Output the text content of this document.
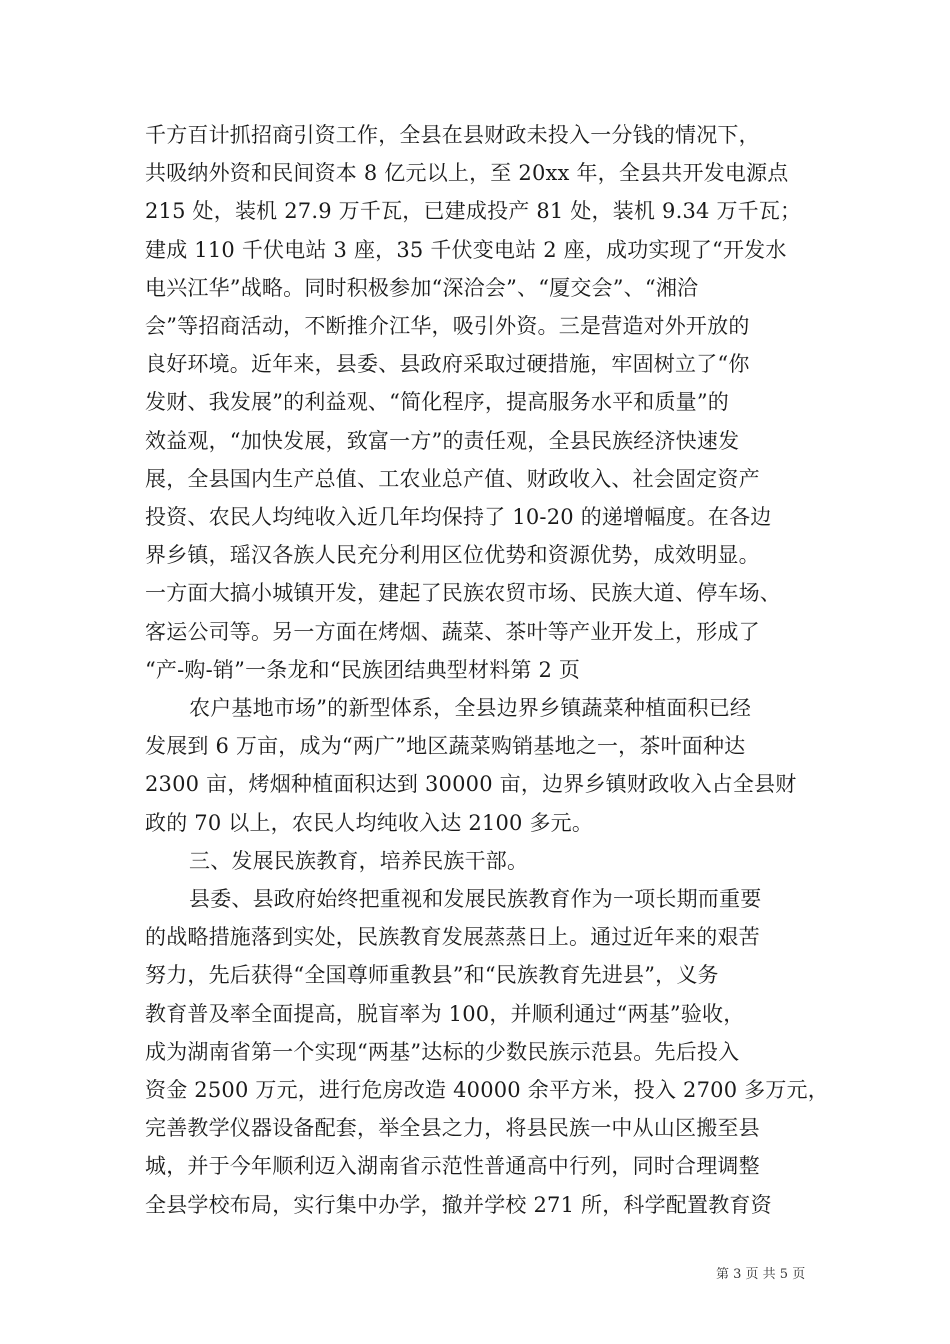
千方百计抓招商引资工作，全县在县财政未投入一分钱的情况下，
共吸纳外资和民间资本 8 亿元以上，至 20xx 年，全县共开发电源点
215 处，装机 27.9 万千瓦，已建成投产 81 处，装机 9.34 万千瓦；
建成 110 千伏电站 3 座，35 千伏变电站 2 座，成功实现了“开发水
电兴江华”战略。同时积极参加“深洽会”、“厦交会”、“湘洽
会”等招商活动，不断推介江华，吸引外资。三是营造对外开放的
良好环境。近年来，县委、县政府采取过硬措施，牢固树立了“你
发财、我发展”的利益观、“简化程序，提高服务水平和质量”的
效益观，“加快发展，致富一方”的责任观，全县民族经济快速发
展，全县国内生产总值、工农业总产值、财政收入、社会固定资产
投资、农民人均纯收入近几年均保持了 10-20 的递增幅度。在各边
界乡镇，瑶汉各族人民充分利用区位优势和资源优势，成效明显。
一方面大搞小城镇开发，建起了民族农贸市场、民族大道、停车场、
客运公司等。另一方面在烤烟、蔬菜、茶叶等产业开发上，形成了
“产-购-销”一条龙和“民族团结典型材料第 2 页
农户基地市场”的新型体系，全县边界乡镇蔬菜种植面积已经
发展到 6 万亩，成为“两广”地区蔬菜购销基地之一，茶叶面种达
2300 亩，烤烟种植面积达到 30000 亩，边界乡镇财政收入占全县财
政的 70 以上，农民人均纯收入达 2100 多元。
三、发展民族教育，培养民族干部。
县委、县政府始终把重视和发展民族教育作为一项长期而重要
的战略措施落到实处，民族教育发展蒸蒸日上。通过近年来的艰苦
努力，先后获得“全国尊师重教县”和“民族教育先进县”，义务
教育普及率全面提高，脱盲率为 100，并顺利通过“两基”验收，
成为湖南省第一个实现“两基”达标的少数民族示范县。先后投入
资金 2500 万元，进行危房改造 40000 余平方米，投入 2700 多万元，
完善教学仪器设备配套，举全县之力，将县民族一中从山区搬至县
城，并于今年顺利迈入湖南省示范性普通高中行列，同时合理调整
全县学校布局，实行集中办学，撤并学校 271 所，科学配置教育资
第 3 页 共 5 页
